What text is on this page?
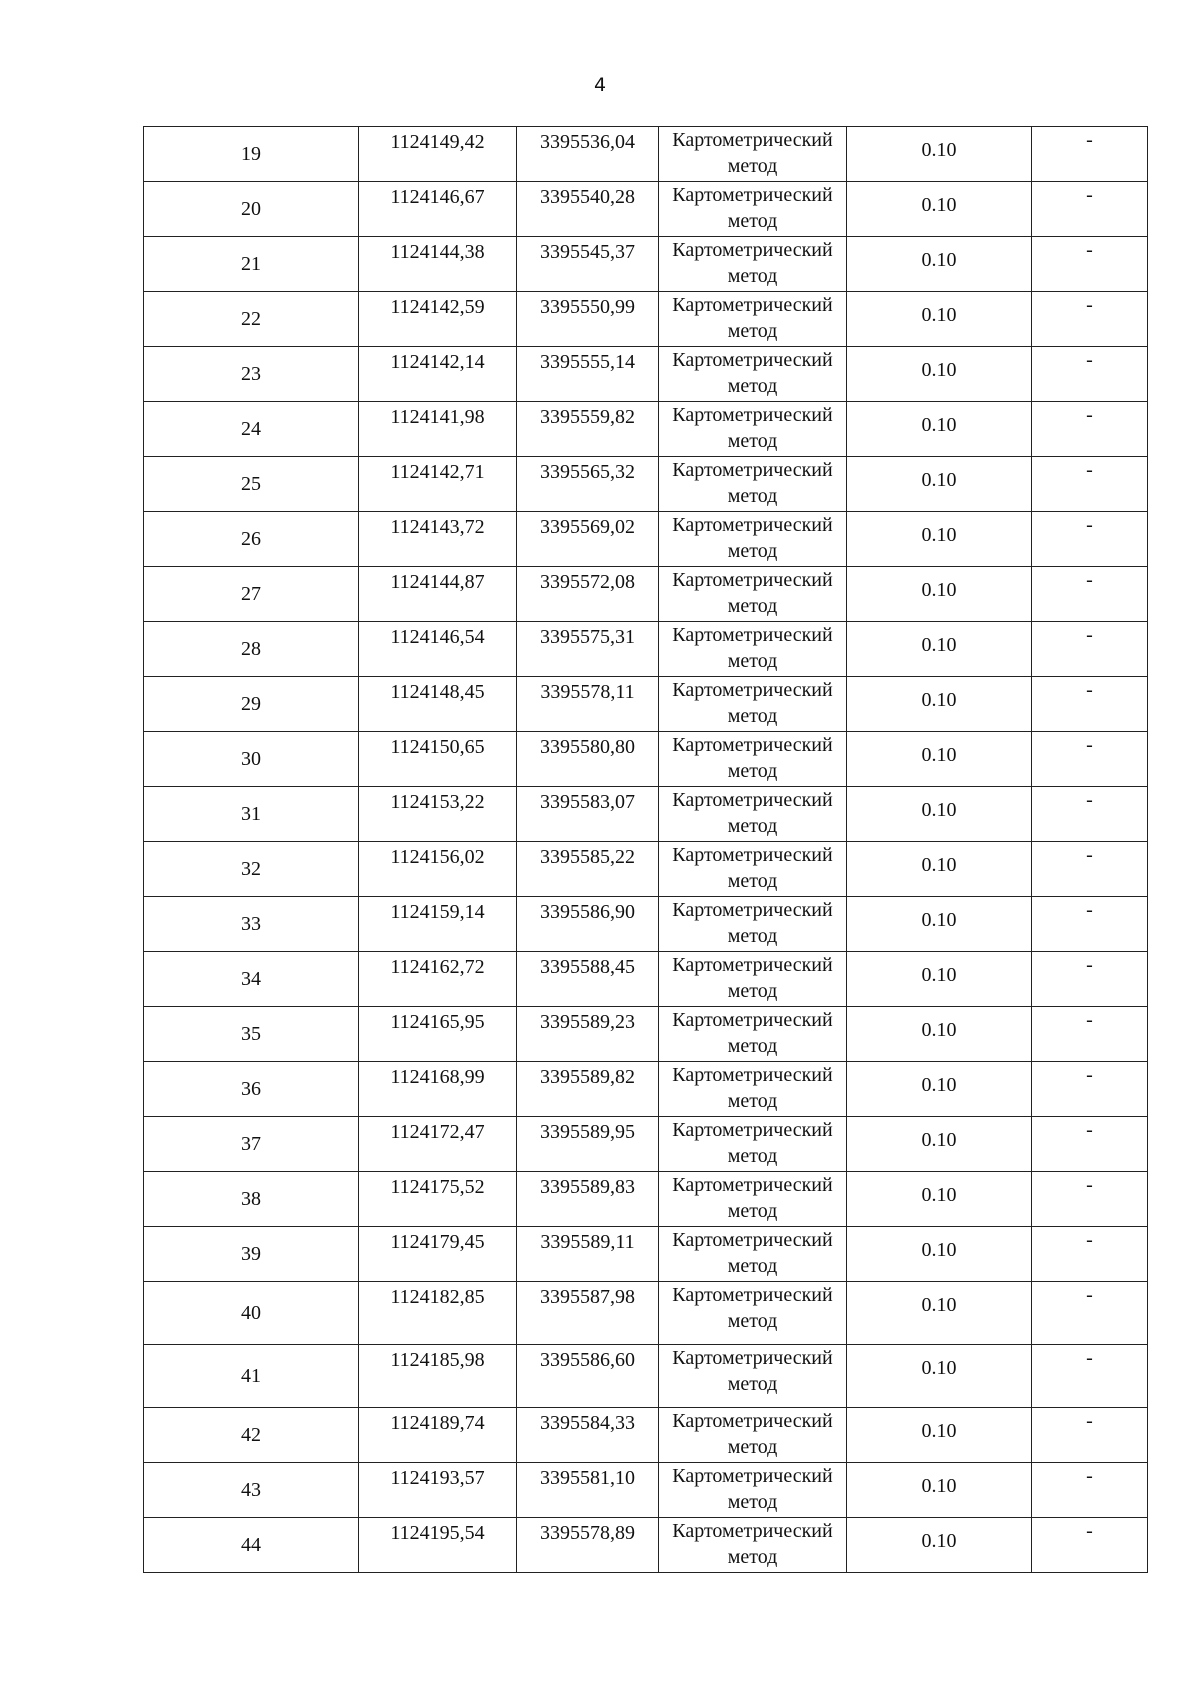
4
19	1124149,42	3395536,04	Картометрический
метод	0.10	-

20	1124146,67	3395540,28	Картометрический
метод	0.10	-

21	1124144,38	3395545,37	Картометрический
метод	0.10	-

22	1124142,59	3395550,99	Картометрический
метод	0.10	-

23	1124142,14	3395555,14	Картометрический
метод	0.10	-

24	1124141,98	3395559,82	Картометрический
метод	0.10	-

25	1124142,71	3395565,32	Картометрический
метод	0.10	-

26	1124143,72	3395569,02	Картометрический
метод	0.10	-

27	1124144,87	3395572,08	Картометрический
метод	0.10	-

28	1124146,54	3395575,31	Картометрический
метод	0.10	-

29	1124148,45	3395578,11	Картометрический
метод	0.10	-

30	1124150,65	3395580,80	Картометрический
метод	0.10	-

31	1124153,22	3395583,07	Картометрический
метод	0.10	-

32	1124156,02	3395585,22	Картометрический
метод	0.10	-

33	1124159,14	3395586,90	Картометрический
метод	0.10	-

34	1124162,72	3395588,45	Картометрический
метод	0.10	-

35	1124165,95	3395589,23	Картометрический
метод	0.10	-

36	1124168,99	3395589,82	Картометрический
метод	0.10	-

37	1124172,47	3395589,95	Картометрический
метод	0.10	-

38	1124175,52	3395589,83	Картометрический
метод	0.10	-

39	1124179,45	3395589,11	Картометрический
метод	0.10	-

40	1124182,85	3395587,98	Картометрический
метод	0.10	-

41	1124185,98	3395586,60	Картометрический
метод	0.10	-

42	1124189,74	3395584,33	Картометрический
метод	0.10	-

43	1124193,57	3395581,10	Картометрический
метод	0.10	-

44	1124195,54	3395578,89	Картометрический
метод	0.10	-
